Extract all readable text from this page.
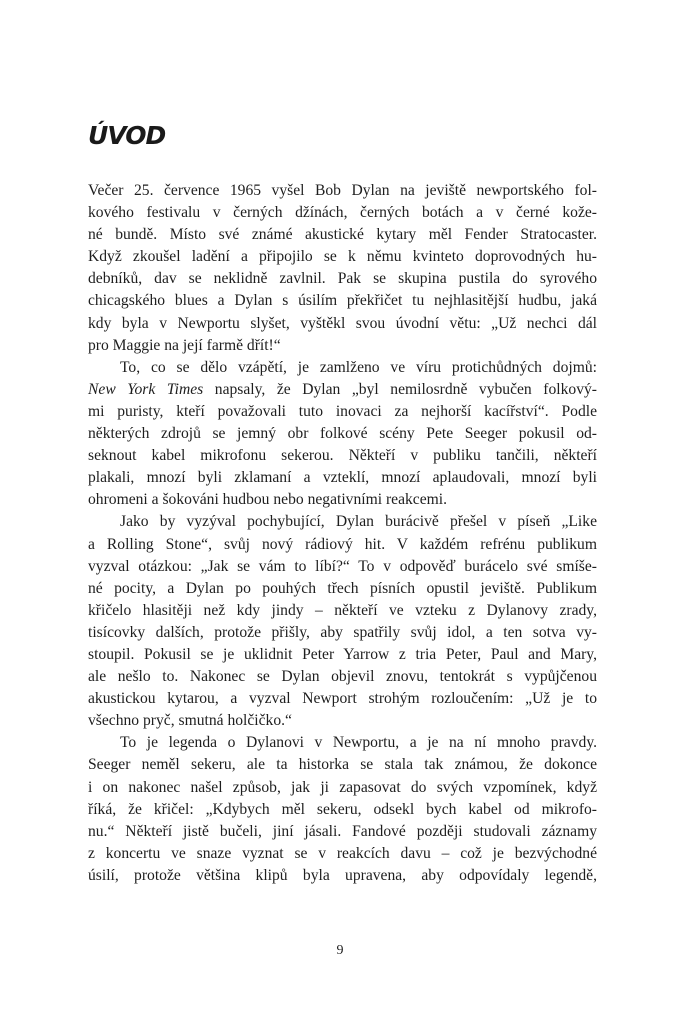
ÚVOD
Večer 25. července 1965 vyšel Bob Dylan na jeviště newportského fol-
kového festivalu v černých džínách, černých botách a v černé kože-
né bundě. Místo své známé akustické kytary měl Fender Stratocaster.
Když zkoušel ladění a připojilo se k němu kvinteto doprovodných hu-
debníků, dav se neklidně zavlnil. Pak se skupina pustila do syrového
chicagského blues a Dylan s úsilím překřičet tu nejhlasitější hudbu, jaká
kdy byla v Newportu slyšet, vyštěkl svou úvodní větu: „Už nechci dál
pro Maggie na její farmě dřít!“
To, co se dělo vzápětí, je zamlženo ve víru protichůdných dojmů:
New York Times napsaly, že Dylan „byl nemilosrdně vybučen folkový-
mi puristy, kteří považovali tuto inovaci za nejhorší kacířství“. Podle
některých zdrojů se jemný obr folkové scény Pete Seeger pokusil od-
seknout kabel mikrofonu sekerou. Někteří v publiku tančili, někteří
plakali, mnozí byli zklamaní a vzteklí, mnozí aplaudovali, mnozí byli
ohromeni a šokováni hudbou nebo negativními reakcemi.
Jako by vyzýval pochybující, Dylan burácivě přešel v píseň „Like
a Rolling Stone“, svůj nový rádiový hit. V každém refrénu publikum
vyzval otázkou: „Jak se vám to líbí?“ To v odpověď burácelo své smíše-
né pocity, a Dylan po pouhých třech písních opustil jeviště. Publikum
křičelo hlasitěji než kdy jindy – někteří ve vzteku z Dylanovy zrady,
tisícovky dalších, protože přišly, aby spatřily svůj idol, a ten sotva vy-
stoupil. Pokusil se je uklidnit Peter Yarrow z tria Peter, Paul and Mary,
ale nešlo to. Nakonec se Dylan objevil znovu, tentokrát s vypůjčenou
akustickou kytarou, a vyzval Newport strohým rozloučením: „Už je to
všechno pryč, smutná holčičko.“
To je legenda o Dylanovi v Newportu, a je na ní mnoho pravdy.
Seeger neměl sekeru, ale ta historka se stala tak známou, že dokonce
i on nakonec našel způsob, jak ji zapasovat do svých vzpomínek, když
říká, že křičel: „Kdybych měl sekeru, odsekl bych kabel od mikrofo-
nu.“ Někteří jistě bučeli, jiní jásali. Fandové později studovali záznamy
z koncertu ve snaze vyznat se v reakcích davu – což je bezvýchodné
úsilí, protože většina klipů byla upravena, aby odpovídaly legendě,
9
